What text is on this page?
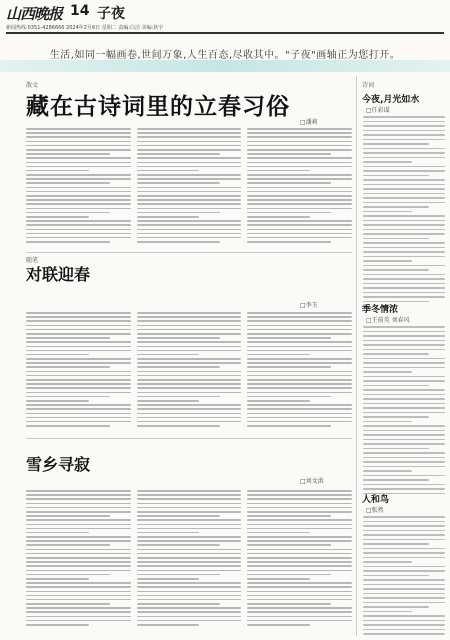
山西晚报 14 子夜
新闻热线:0351-4286666 2024年2月6日 星期二 责编:白洁 美编:狄宇
生活,如同一幅画卷,世间万象,人生百态,尽收其中。"子夜"画轴正为您打开。
散文
藏在古诗词里的立春习俗
□潘莉
随笔
对联迎春
□李玉
雪乡寻寂
□刘文洪
诗词
今夜,月光如水
□任彩谋
季冬情浓
□王前英 刘春风
人和鸟
□张然
